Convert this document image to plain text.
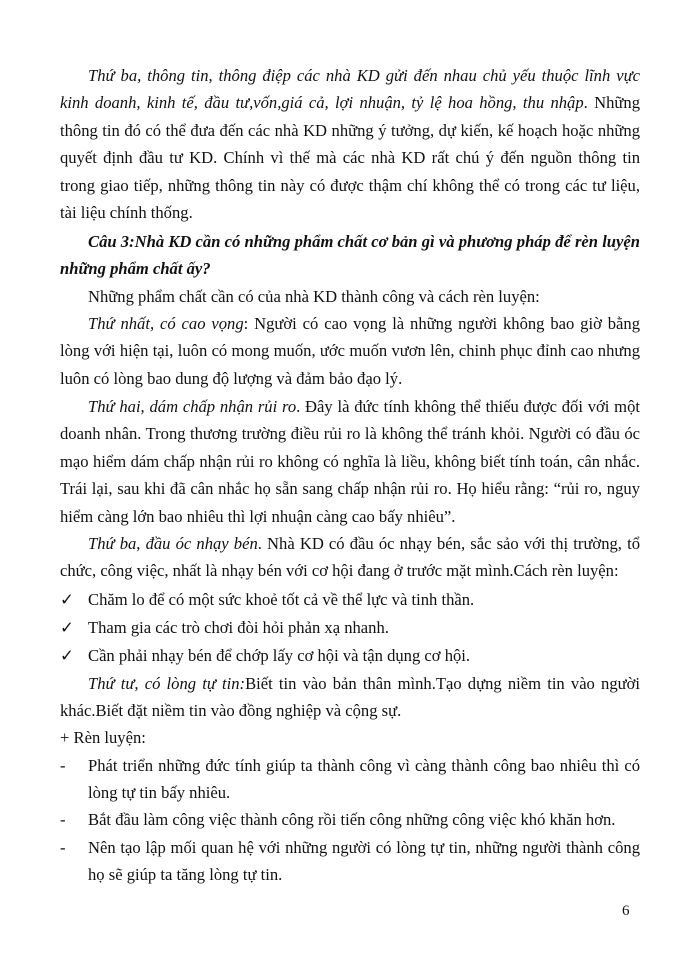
Thứ ba, thông tin, thông điệp các nhà KD gửi đến nhau chủ yếu thuộc lĩnh vực kinh doanh, kinh tế, đầu tư,vốn,giá cả, lợi nhuận, tỷ lệ hoa hồng, thu nhập. Những thông tin đó có thể đưa đến các nhà KD những ý tưởng, dự kiến, kế hoạch hoặc những quyết định đầu tư KD. Chính vì thế mà các nhà KD rất chú ý đến nguồn thông tin trong giao tiếp, những thông tin này có được thậm chí không thể có trong các tư liệu, tài liệu chính thống.
Câu 3:Nhà KD cần có những phẩm chất cơ bản gì và phương pháp để rèn luyện những phẩm chất ấy?
Những phẩm chất cần có của nhà KD thành công và cách rèn luyện:
Thứ nhất, có cao vọng: Người có cao vọng là những người không bao giờ bằng lòng với hiện tại, luôn có mong muốn, ước muốn vươn lên, chinh phục đỉnh cao nhưng luôn có lòng bao dung độ lượng và đảm bảo đạo lý.
Thứ hai, dám chấp nhận rủi ro. Đây là đức tính không thể thiếu được đối với một doanh nhân. Trong thương trường điều rủi ro là không thể tránh khỏi. Người có đầu óc mạo hiểm dám chấp nhận rủi ro không có nghĩa là liều, không biết tính toán, cân nhắc. Trái lại, sau khi đã cân nhắc họ sẵn sang chấp nhận rủi ro. Họ hiểu rằng: “rủi ro, nguy hiểm càng lớn bao nhiêu thì lợi nhuận càng cao bấy nhiêu”.
Thứ ba, đầu óc nhạy bén. Nhà KD có đầu óc nhạy bén, sắc sảo với thị trường, tổ chức, công việc, nhất là nhạy bén với cơ hội đang ở trước mặt mình.Cách rèn luyện:
✓ Chăm lo để có một sức khoẻ tốt cả về thể lực và tinh thần.
✓ Tham gia các trò chơi đòi hỏi phản xạ nhanh.
✓ Cần phải nhạy bén để chớp lấy cơ hội và tận dụng cơ hội.
Thứ tư, có lòng tự tin:Biết tin vào bản thân mình.Tạo dựng niềm tin vào người khác.Biết đặt niềm tin vào đồng nghiệp và cộng sự.
+ Rèn luyện:
-	Phát triển những đức tính giúp ta thành công vì càng thành công bao nhiêu thì có lòng tự tin bấy nhiêu.
-	Bắt đầu làm công việc thành công rồi tiến công những công việc khó khăn hơn.
-	Nên tạo lập mối quan hệ với những người có lòng tự tin, những người thành công họ sẽ giúp ta tăng lòng tự tin.
6
